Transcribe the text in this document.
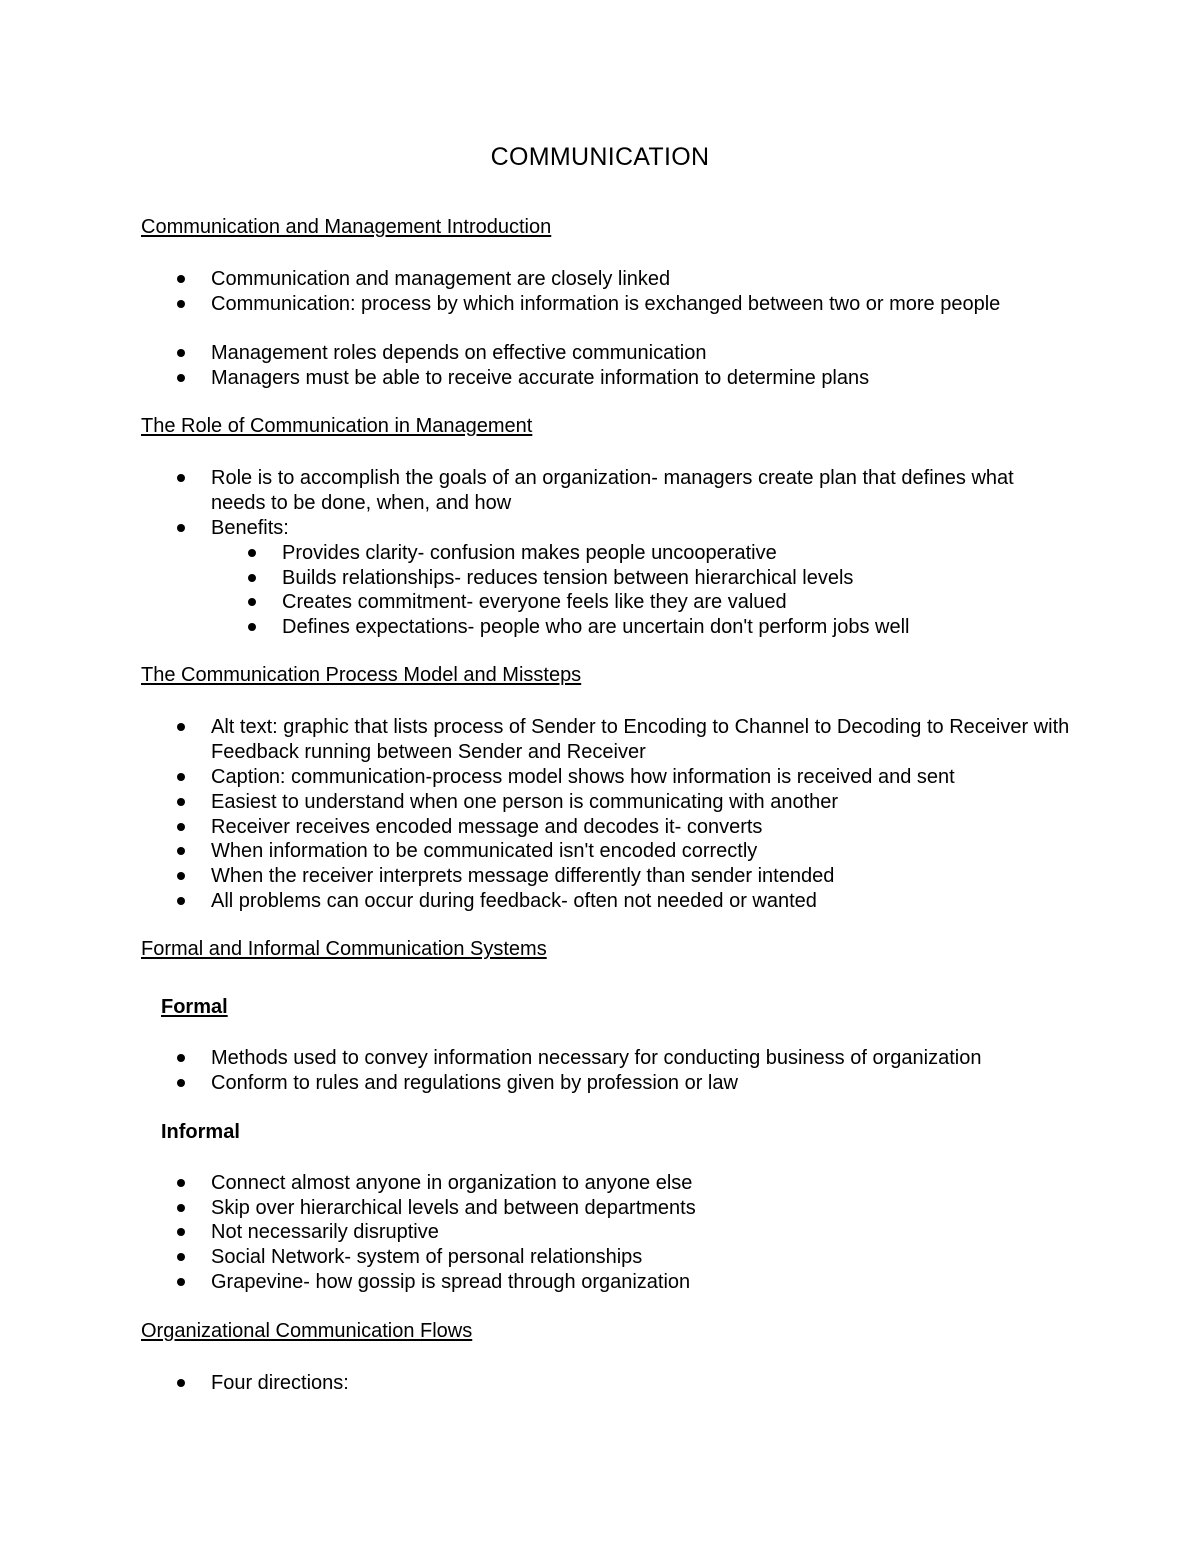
COMMUNICATION
Communication and Management Introduction
Communication and management are closely linked
Communication: process by which information is exchanged between two or more people
Management roles depends on effective communication
Managers must be able to receive accurate information to determine plans
The Role of Communication in Management
Role is to accomplish the goals of an organization- managers create plan that defines what needs to be done, when, and how
Benefits:
Provides clarity- confusion makes people uncooperative
Builds relationships- reduces tension between hierarchical levels
Creates commitment- everyone feels like they are valued
Defines expectations- people who are uncertain don't perform jobs well
The Communication Process Model and Missteps
Alt text: graphic that lists process of Sender to Encoding to Channel to Decoding to Receiver with Feedback running between Sender and Receiver
Caption: communication-process model shows how information is received and sent
Easiest to understand when one person is communicating with another
Receiver receives encoded message and decodes it- converts
When information to be communicated isn't encoded correctly
When the receiver interprets message differently than sender intended
All problems can occur during feedback- often not needed or wanted
Formal and Informal Communication Systems
Formal
Methods used to convey information necessary for conducting business of organization
Conform to rules and regulations given by profession or law
Informal
Connect almost anyone in organization to anyone else
Skip over hierarchical levels and between departments
Not necessarily disruptive
Social Network- system of personal relationships
Grapevine- how gossip is spread through organization
Organizational Communication Flows
Four directions:
